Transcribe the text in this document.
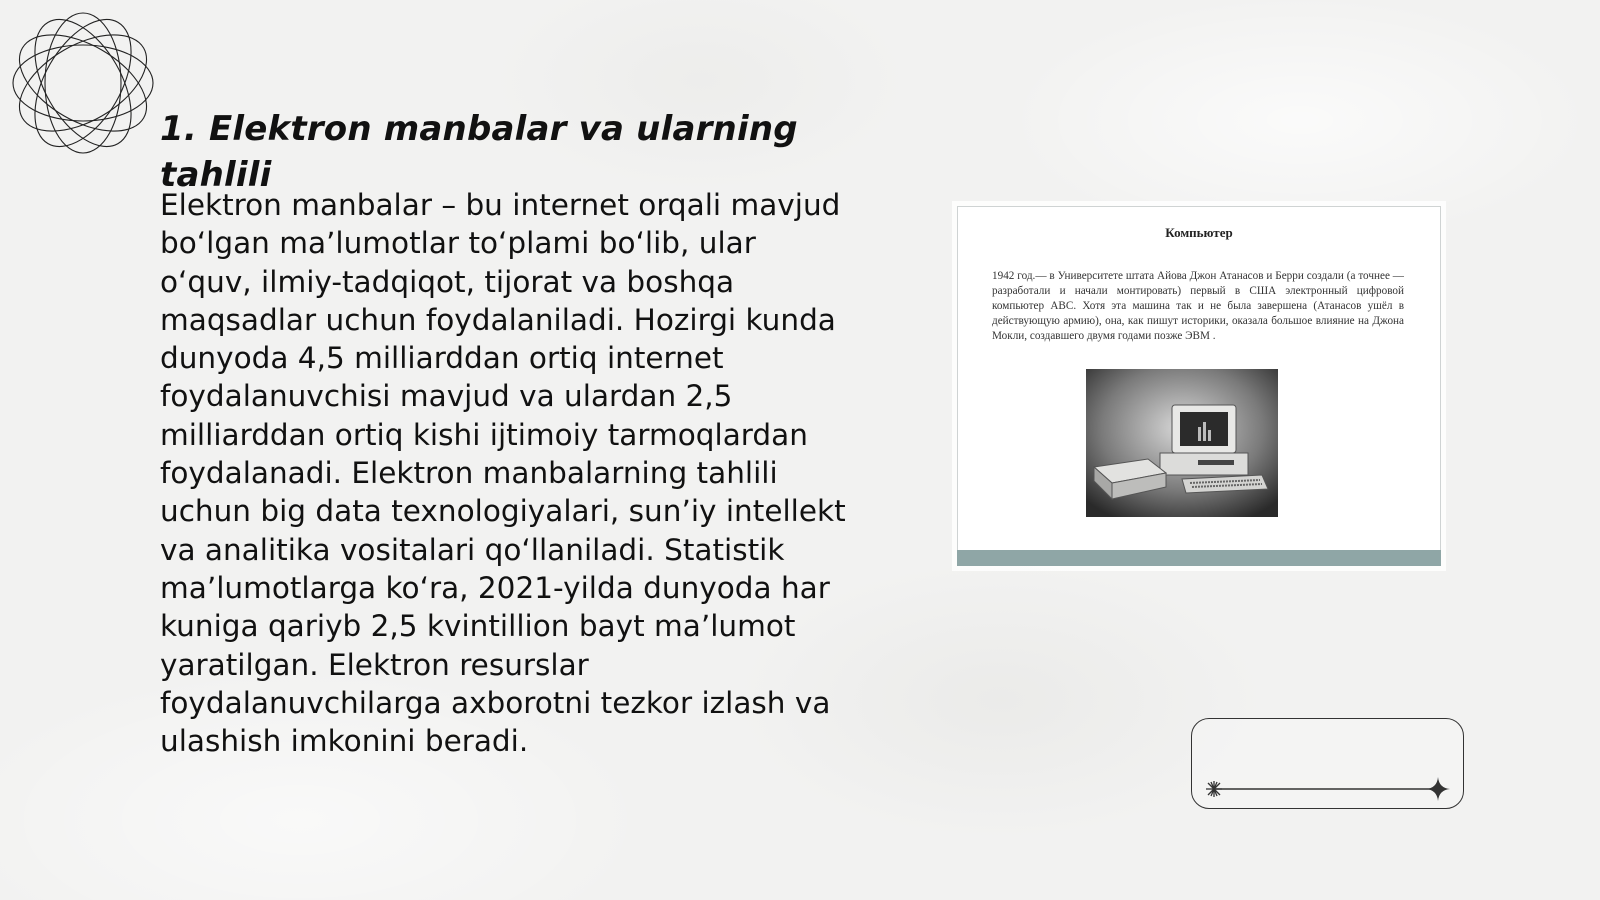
1. Elektron manbalar va ularning tahlili

Elektron manbalar – bu internet orqali mavjud boʻlgan maʼlumotlar toʻplami boʻlib, ular oʻquv, ilmiy-tadqiqot, tijorat va boshqa maqsadlar uchun foydalaniladi. Hozirgi kunda dunyoda 4,5 milliarddan ortiq internet foydalanuvchisi mavjud va ulardan 2,5 milliarddan ortiq kishi ijtimoiy tarmoqlardan foydalanadi. Elektron manbalarning tahlili uchun big data texnologiyalari, sunʼiy intellekt va analitika vositalari qoʻllaniladi. Statistik maʼlumotlarga koʻra, 2021-yilda dunyoda har kuniga qariyb 2,5 kvintillion bayt maʼlumot yaratilgan. Elektron resurslar foydalanuvchilarga axborotni tezkor izlash va ulashish imkonini beradi.

Компьютер

1942 год.— в Университете штата Айова Джон Атанасов и Берри создали (а точнее — разработали и начали монтировать) первый в США электронный цифровой компьютер ABC. Хотя эта машина так и не была завершена (Атанасов ушёл в действующую армию), она, как пишут историки, оказала большое влияние на Джона Мокли, создавшего двумя годами позже ЭВМ .
